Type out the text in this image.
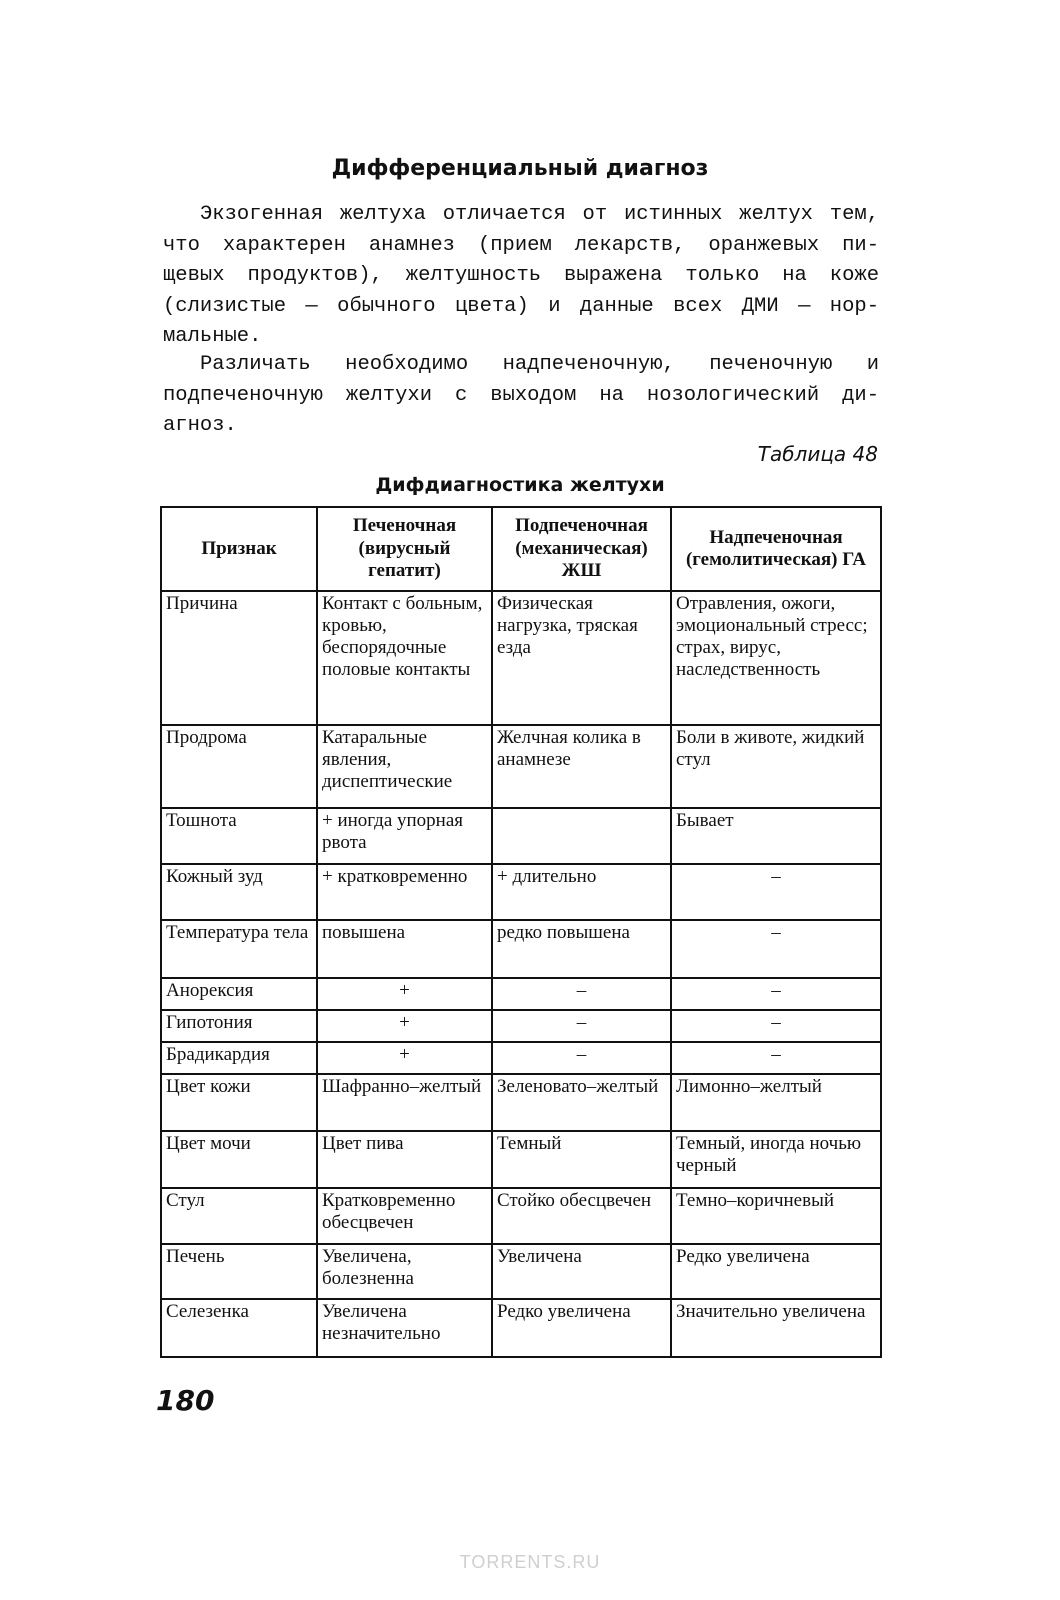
Дифференциальный диагноз

Экзогенная желтуха отличается от истинных желтух тем,
что характерен анамнез (прием лекарств, оранжевых пи-
щевых продуктов), желтушность выражена только на коже
(слизистые — обычного цвета) и данные всех ДМИ — нор-
мальные.

Различать необходимо надпеченочную, печеночную и
подпеченочную желтухи с выходом на нозологический ди-
агноз.

Таблица 48
Дифдиагностика желтухи
Признак	Печеночная (вирусный гепатит)	Подпеченочная (механическая) ЖШ	Надпеченочная (гемолитическая) ГА
Причина	Контакт с больным, кровью, беспорядочные половые контакты	Физическая нагрузка, тряская езда	Отравления, ожоги, эмоциональный стресс; страх, вирус, наследственность
Продрома	Катаральные явления, диспептические	Желчная колика в анамнезе	Боли в животе, жидкий стул
Тошнота	+ иногда упорная рвота		Бывает
Кожный зуд	+ кратковременно	+ длительно	–
Температура тела	повышена	редко повышена	–
Анорексия	+	–	–
Гипотония	+	–	–
Брадикардия	+	–	–
Цвет кожи	Шафранно–желтый	Зеленовато–желтый	Лимонно–желтый
Цвет мочи	Цвет пива	Темный	Темный, иногда ночью черный
Стул	Кратковременно обесцвечен	Стойко обесцвечен	Темно–коричневый
Печень	Увеличена, болезненна	Увеличена	Редко увеличена
Селезенка	Увеличена незначительно	Редко увеличена	Значительно увеличена
180
TORRENTS.RU
